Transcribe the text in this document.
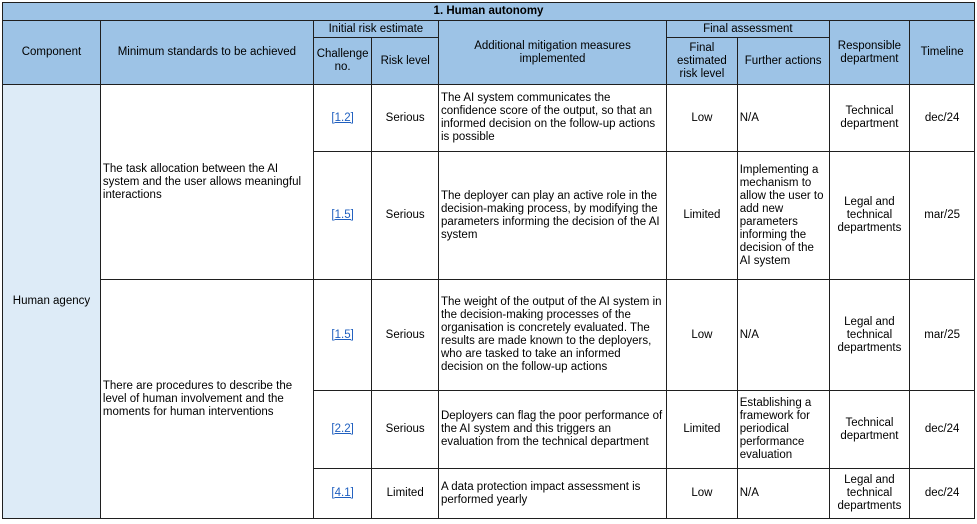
1. Human autonomy								
Component	Minimum standards to be achieved	Initial risk estimate		Additional mitigation measures implemented	Final assessment		Responsible department	Timeline
		Challenge no.	Risk level		Final estimated risk level	Further actions		
Human agency	The task allocation between the AI system and the user allows meaningful interactions	[1.2]	Serious	The AI system communicates the confidence score of the output, so that an informed decision on the follow-up actions is possible	Low	N/A	Technical department	dec/24
		[1.5]	Serious	The deployer can play an active role in the decision-making process, by modifying the parameters informing the decision of the AI system	Limited	Implementing a mechanism to allow the user to add new parameters informing the decision of the AI system	Legal and technical departments	mar/25
	There are procedures to describe the level of human involvement and the moments for human interventions	[1.5]	Serious	The weight of the output of the AI system in the decision-making processes of the organisation is concretely evaluated. The results are made known to the deployers, who are tasked to take an informed decision on the follow-up actions	Low	N/A	Legal and technical departments	mar/25
		[2.2]	Serious	Deployers can flag the poor performance of the AI system and this triggers an evaluation from the technical department	Limited	Establishing a framework for periodical performance evaluation	Technical department	dec/24
		[4.1]	Limited	A data protection impact assessment is performed yearly	Low	N/A	Legal and technical departments	dec/24
